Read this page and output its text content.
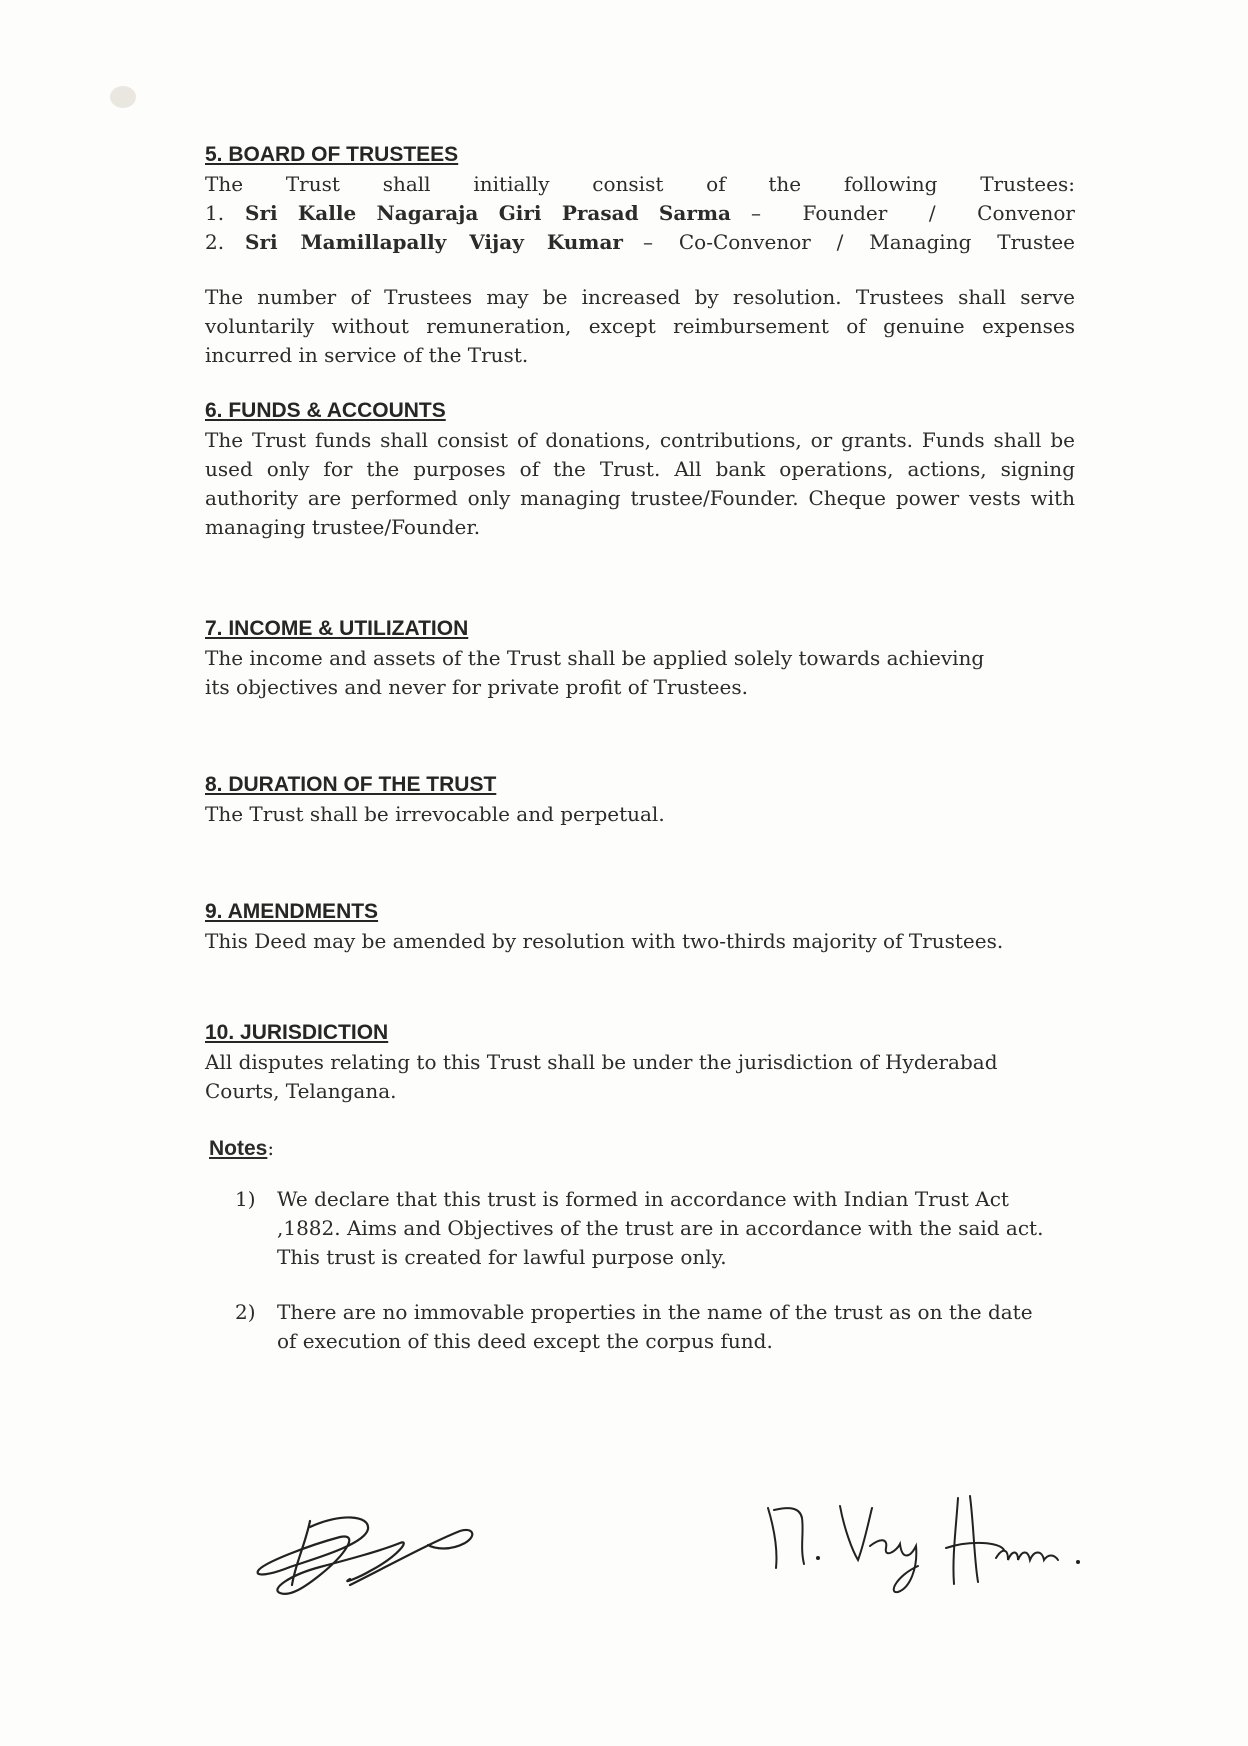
5. BOARD OF TRUSTEES
The Trust shall initially consist of the following Trustees:
1.	Sri Kalle Nagaraja Giri Prasad Sarma – Founder / Convenor
2.	Sri Mamillapally Vijay Kumar – Co-Convenor / Managing Trustee

The number of Trustees may be increased by resolution. Trustees shall serve voluntarily without remuneration, except reimbursement of genuine expenses incurred in service of the Trust.

6. FUNDS & ACCOUNTS

The Trust funds shall consist of donations, contributions, or grants. Funds shall be used only for the purposes of the Trust. All bank operations, actions, signing authority are performed only managing trustee/Founder. Cheque power vests with managing trustee/Founder.

7. INCOME & UTILIZATION

The income and assets of the Trust shall be applied solely towards achieving its objectives and never for private profit of Trustees.

8. DURATION OF THE TRUST

The Trust shall be irrevocable and perpetual.

9. AMENDMENTS

This Deed may be amended by resolution with two-thirds majority of Trustees.

10. JURISDICTION

All disputes relating to this Trust shall be under the jurisdiction of Hyderabad Courts, Telangana.

Notes:

1)	We declare that this trust is formed in accordance with Indian Trust Act ,1882. Aims and Objectives of the trust are in accordance with the said act. This trust is created for lawful purpose only.
2)	There are no immovable properties in the name of the trust as on the date of execution of this deed except the corpus fund.
